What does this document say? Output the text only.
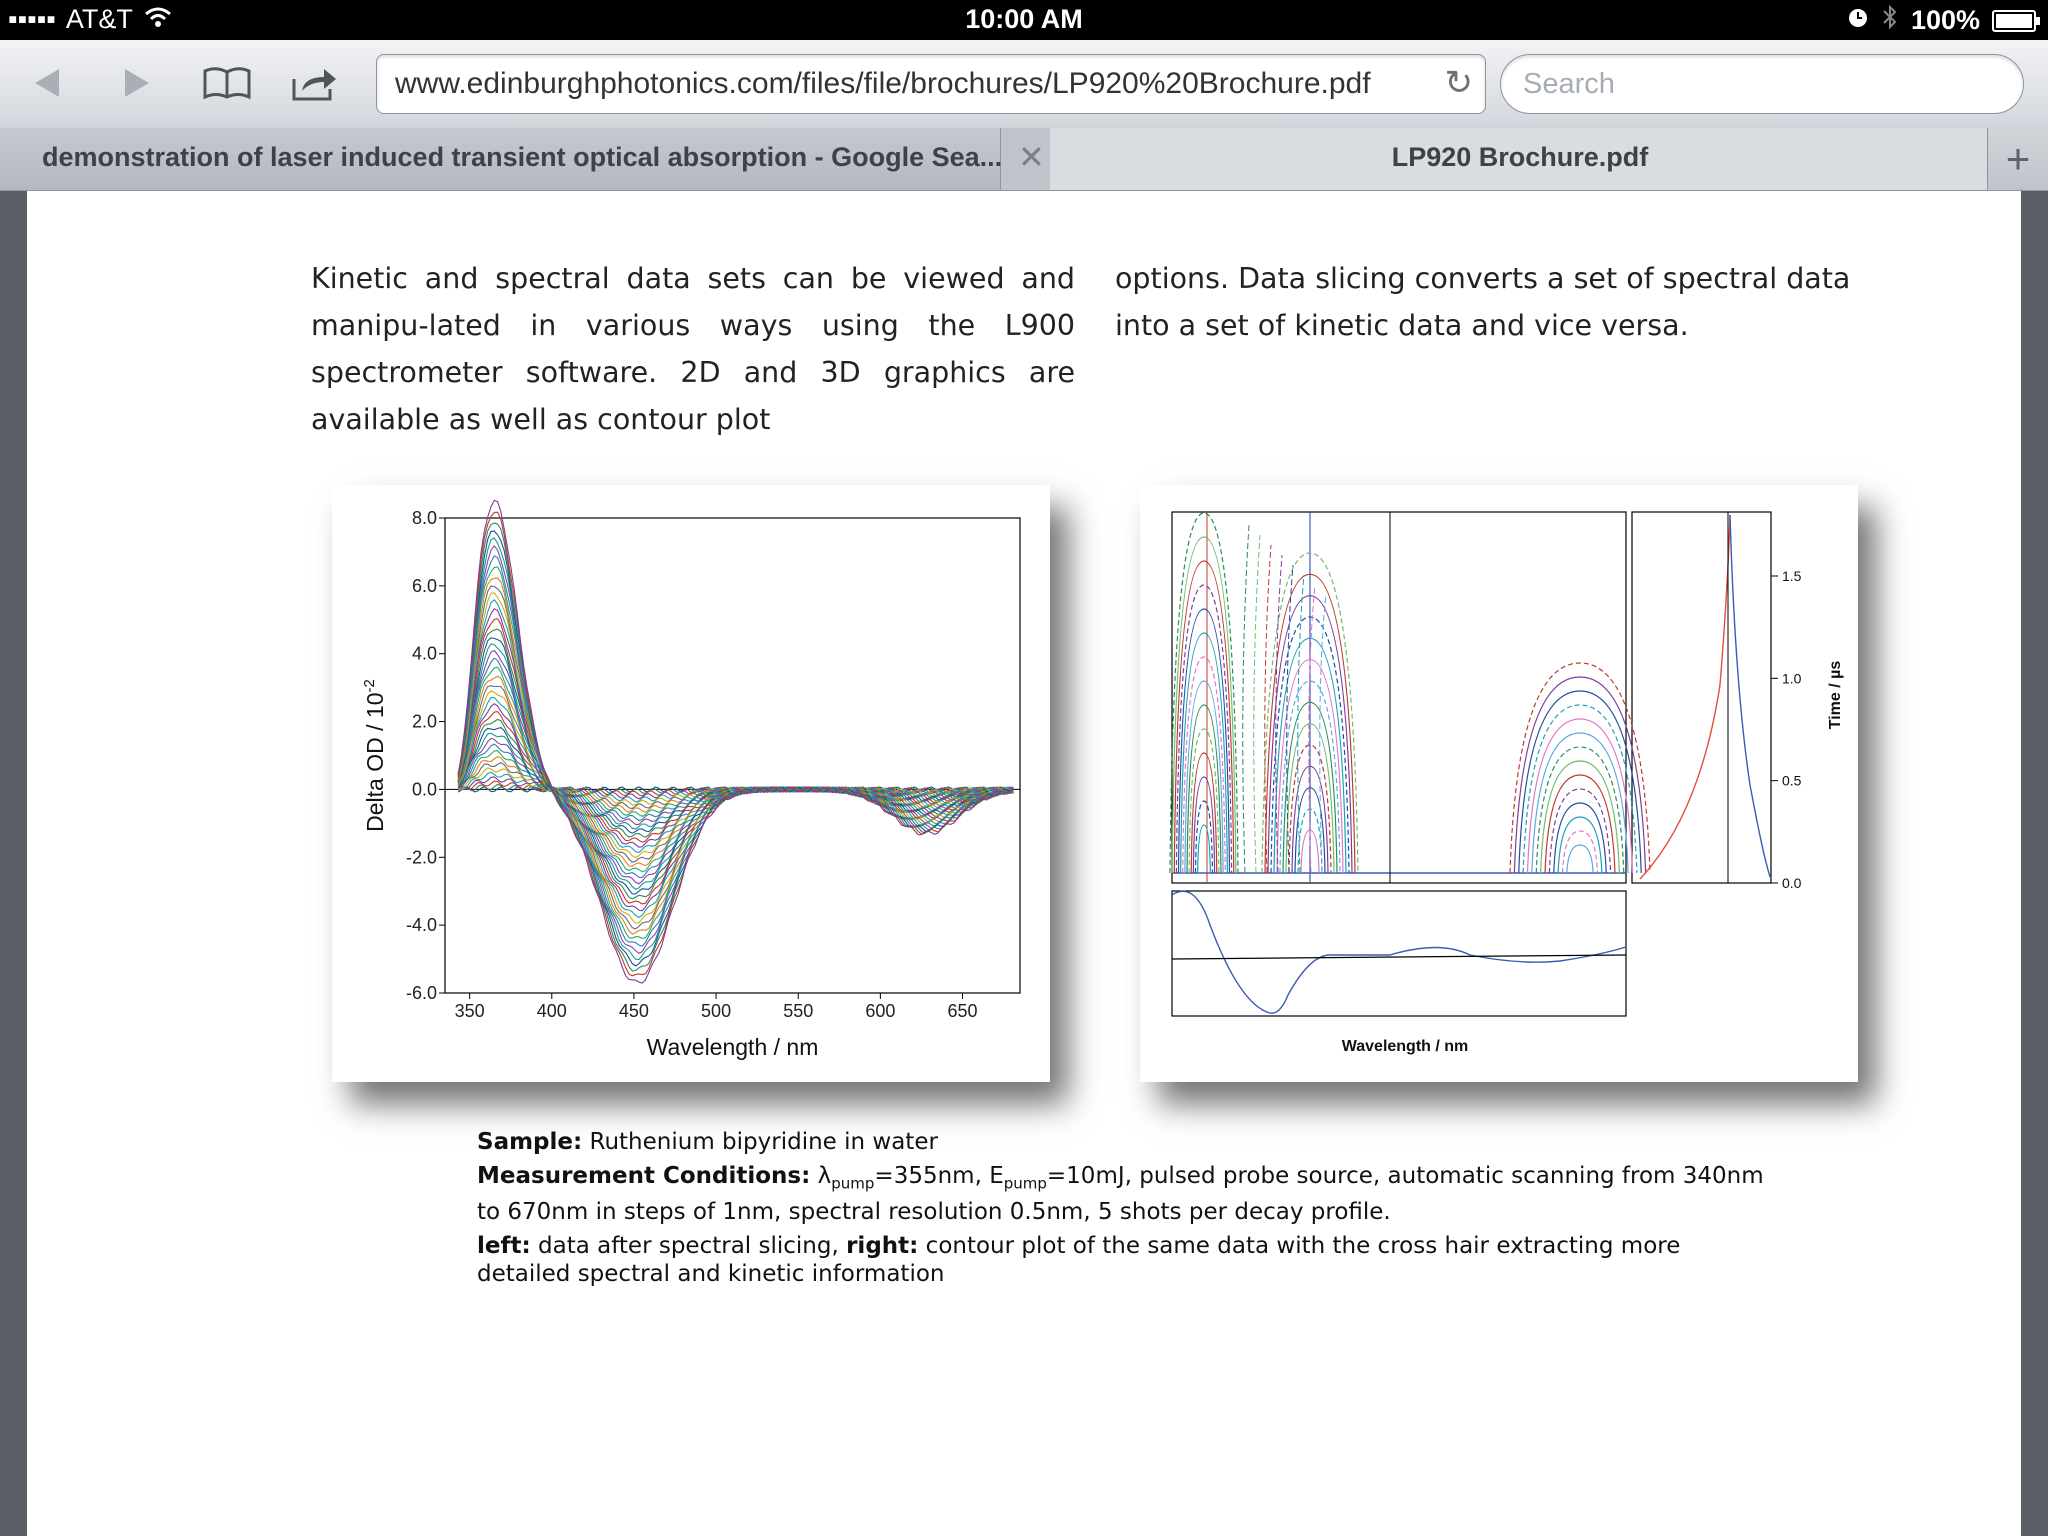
▪▪▪▪▪ AT&T	10:00 AM	100%
www.edinburghphotonics.com/files/file/brochures/LP920%20Brochure.pdf ↻ Search
demonstration of laser induced transient optical absorption - Google Sea... ✕	LP920 Brochure.pdf	+
Kinetic and spectral data sets can be viewed and manipu-lated in various ways using the L900 spectrometer software. 2D and 3D graphics are available as well as contour plot
options. Data slicing converts a set of spectral data into a set of kinetic data and vice versa.
350	400	450	500	550	600	650
8.0
6.0
4.0
2.0
0.0
-2.0
-4.0
-6.0
Wavelength / nm
Delta OD / $10^{-2}$
0.0
0.5
1.0
1.5
Time / µs
Wavelength / nm

Sample: Ruthenium bipyridine in water

Measurement Conditions: $\lambda_{pump}=355nm$, $E_{pump}=10mJ$, pulsed probe source, automatic scanning from 340nm to 670nm in steps of 1nm, spectral resolution 0.5nm, 5 shots per decay profile.

left: data after spectral slicing, right: contour plot of the same data with the cross hair extracting more detailed spectral and kinetic information
